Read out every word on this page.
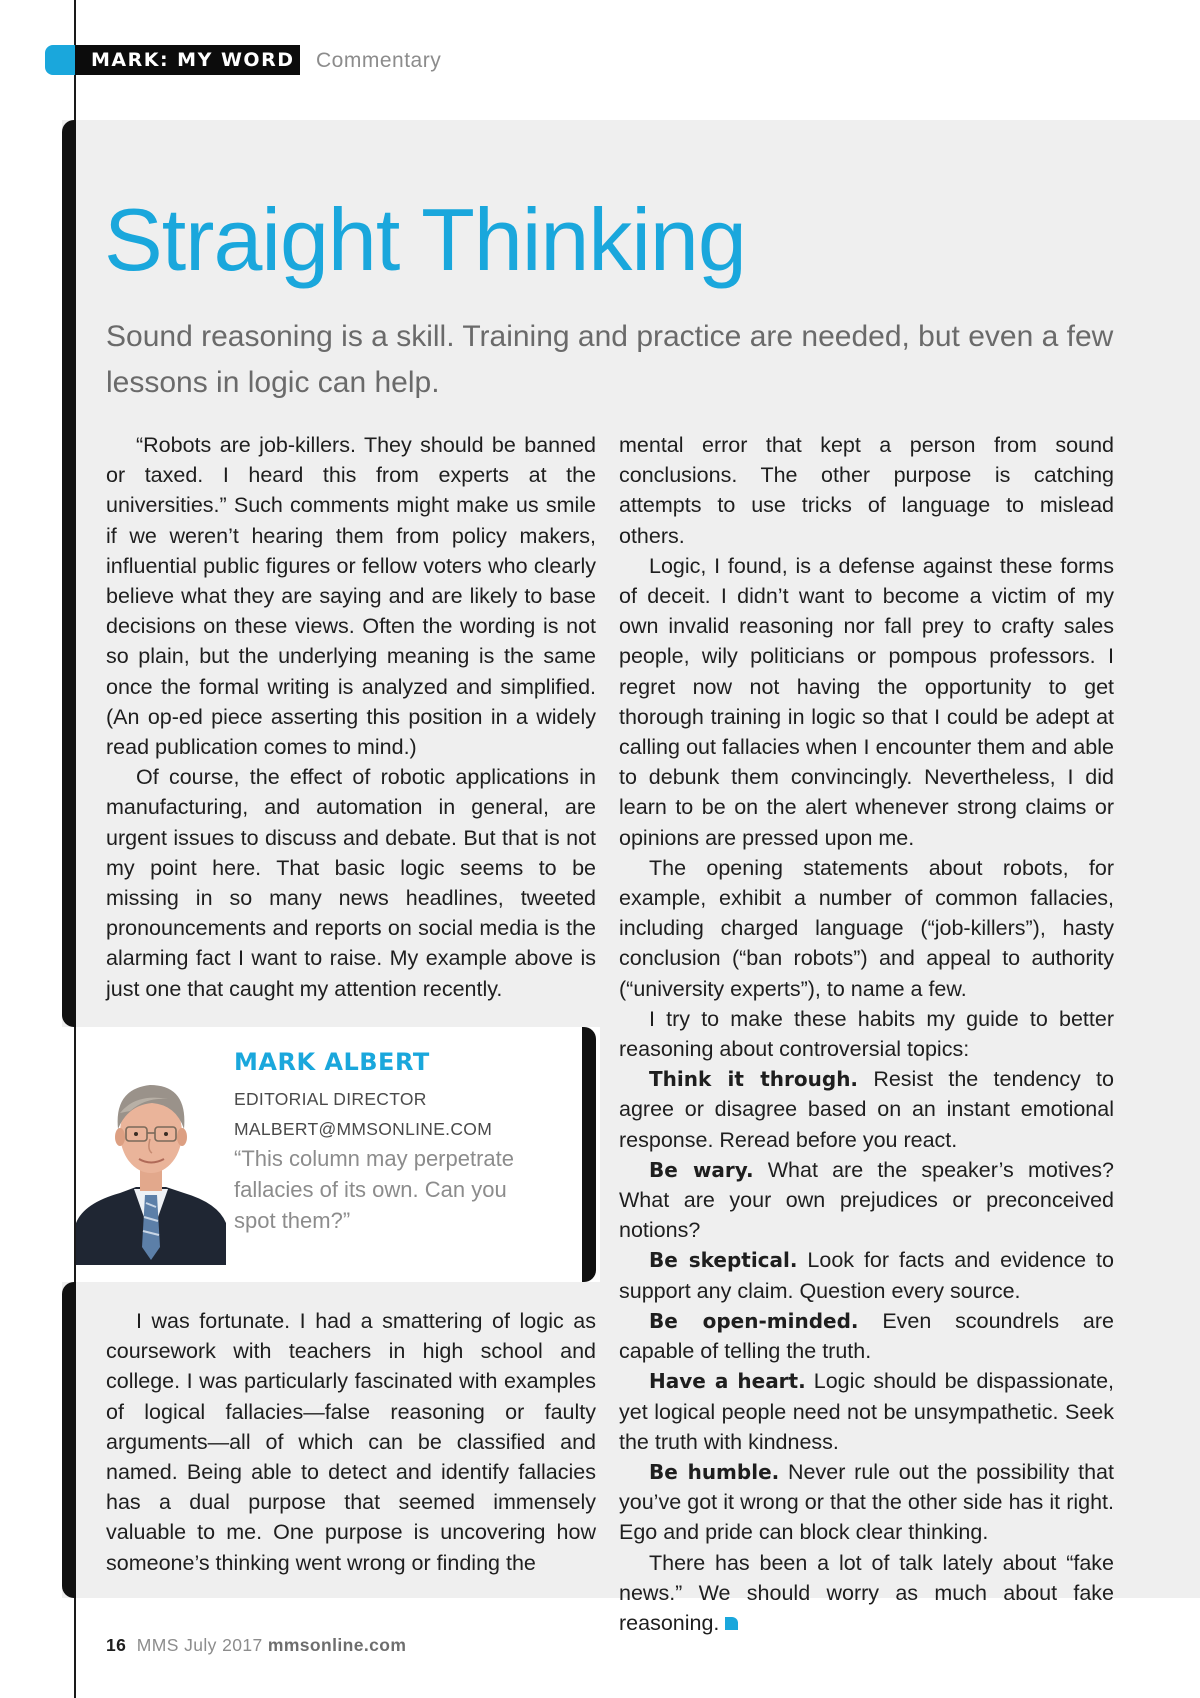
MARK: MY WORD Commentary
Straight Thinking

Sound reasoning is a skill. Training and practice are needed, but even a few lessons in logic can help.

“Robots are job-killers. They should be banned or taxed. I heard this from experts at the universities.” Such comments might make us smile if we weren’t hearing them from policy makers, influential public figures or fellow voters who clearly believe what they are saying and are likely to base decisions on these views. Often the wording is not so plain, but the underlying meaning is the same once the formal writing is analyzed and simplified. (An op-ed piece asserting this position in a widely read publication comes to mind.)

Of course, the effect of robotic applications in manufacturing, and automation in general, are urgent issues to discuss and debate. But that is not my point here. That basic logic seems to be missing in so many news headlines, tweeted pronouncements and reports on social media is the alarming fact I want to raise. My example above is just one that caught my attention recently.

MARK ALBERT
EDITORIAL DIRECTOR
MALBERT@MMSONLINE.COM
“This column may perpetrate fallacies of its own. Can you spot them?”

I was fortunate. I had a smattering of logic as coursework with teachers in high school and college. I was particularly fascinated with examples of logical fallacies—false reasoning or faulty arguments—all of which can be classified and named. Being able to detect and identify fallacies has a dual purpose that seemed immensely valuable to me. One purpose is uncovering how someone’s thinking went wrong or finding the

mental error that kept a person from sound conclusions. The other purpose is catching attempts to use tricks of language to mislead others.

Logic, I found, is a defense against these forms of deceit. I didn’t want to become a victim of my own invalid reasoning nor fall prey to crafty sales people, wily politicians or pompous professors. I regret now not having the opportunity to get thorough training in logic so that I could be adept at calling out fallacies when I encounter them and able to debunk them convincingly. Nevertheless, I did learn to be on the alert whenever strong claims or opinions are pressed upon me.

The opening statements about robots, for example, exhibit a number of common fallacies, including charged language (“job-killers”), hasty conclusion (“ban robots”) and appeal to authority (“university experts”), to name a few.

I try to make these habits my guide to better reasoning about controversial topics:

Think it through. Resist the tendency to agree or disagree based on an instant emotional response. Reread before you react.

Be wary. What are the speaker’s motives? What are your own prejudices or preconceived notions?

Be skeptical. Look for facts and evidence to support any claim. Question every source.

Be open-minded. Even scoundrels are capable of telling the truth.

Have a heart. Logic should be dispassionate, yet logical people need not be unsympathetic. Seek the truth with kindness.

Be humble. Never rule out the possibility that you’ve got it wrong or that the other side has it right. Ego and pride can block clear thinking.

There has been a lot of talk lately about “fake news.” We should worry as much about fake reasoning.

16 MMS July 2017 mmsonline.com
